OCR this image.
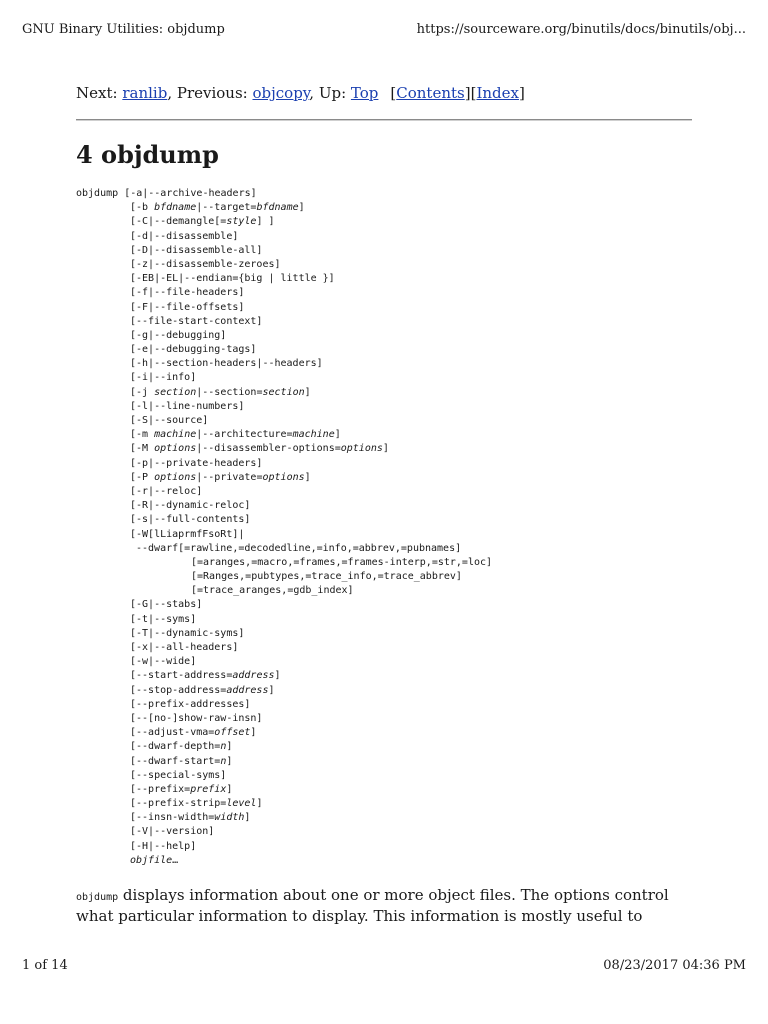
GNU Binary Utilities: objdump	https://sourceware.org/binutils/docs/binutils/obj...
Next: ranlib, Previous: objcopy, Up: Top [Contents][Index]
4 objdump
objdump [-a|--archive-headers]
[-b bfdname|--target=bfdname]
[-C|--demangle[=style] ]
[-d|--disassemble]
[-D|--disassemble-all]
[-z|--disassemble-zeroes]
[-EB|-EL|--endian={big | little }]
[-f|--file-headers]
[-F|--file-offsets]
[--file-start-context]
[-g|--debugging]
[-e|--debugging-tags]
[-h|--section-headers|--headers]
[-i|--info]
[-j section|--section=section]
[-l|--line-numbers]
[-S|--source]
[-m machine|--architecture=machine]
[-M options|--disassembler-options=options]
[-p|--private-headers]
[-P options|--private=options]
[-r|--reloc]
[-R|--dynamic-reloc]
[-s|--full-contents]
[-W[lLiaprmfFsoRt]|
--dwarf[=rawline,=decodedline,=info,=abbrev,=pubnames]
[=aranges,=macro,=frames,=frames-interp,=str,=loc]
[=Ranges,=pubtypes,=trace_info,=trace_abbrev]
[=trace_aranges,=gdb_index]
[-G|--stabs]
[-t|--syms]
[-T|--dynamic-syms]
[-x|--all-headers]
[-w|--wide]
[--start-address=address]
[--stop-address=address]
[--prefix-addresses]
[--[no-]show-raw-insn]
[--adjust-vma=offset]
[--dwarf-depth=n]
[--dwarf-start=n]
[--special-syms]
[--prefix=prefix]
[--prefix-strip=level]
[--insn-width=width]
[-V|--version]
[-H|--help]
objfile…

objdump displays information about one or more object files. The options control what particular information to display. This information is mostly useful to

1 of 14	08/23/2017 04:36 PM
